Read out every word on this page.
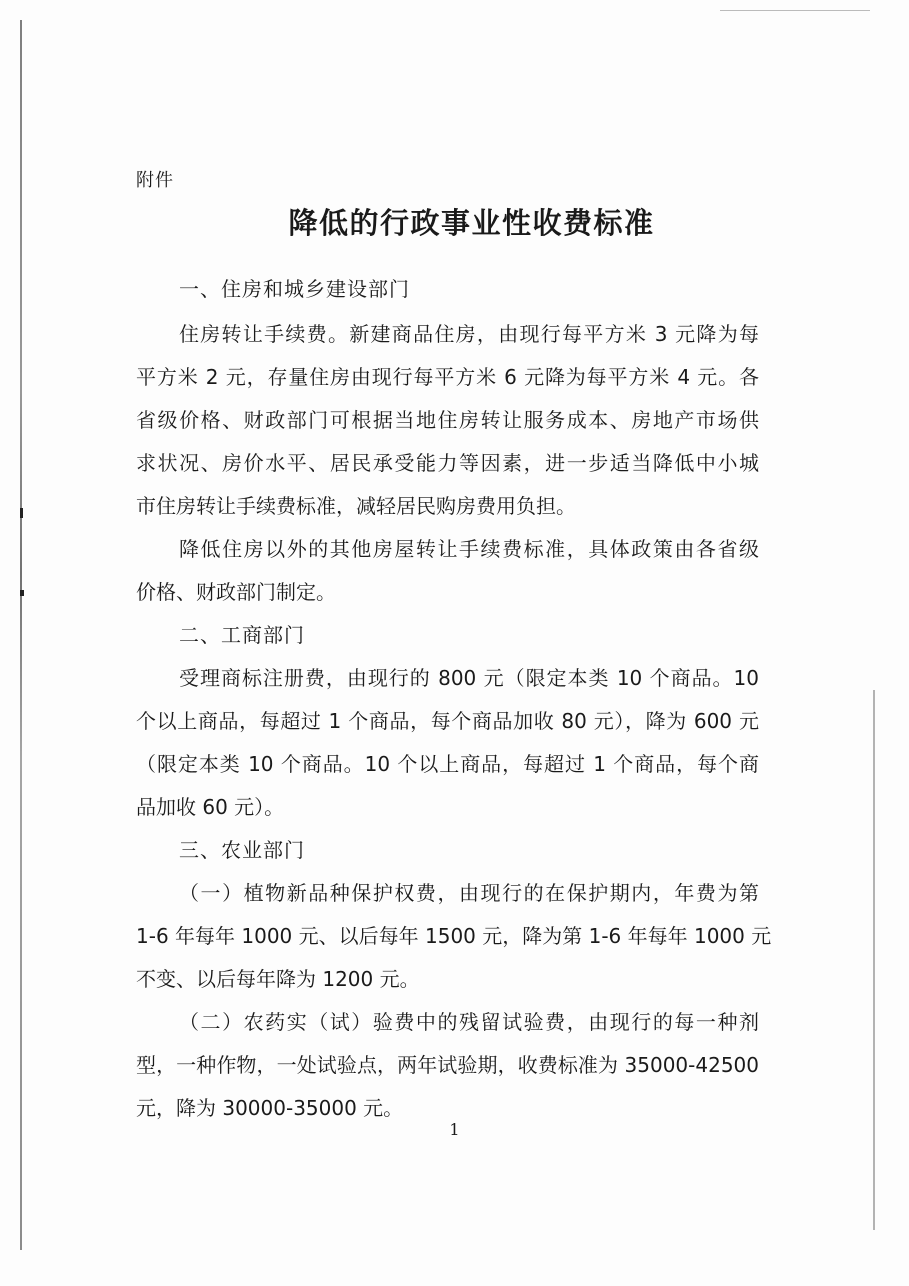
附件
降低的行政事业性收费标准
一、住房和城乡建设部门
住房转让手续费。新建商品住房，由现行每平方米 3 元降为每
平方米 2 元，存量住房由现行每平方米 6 元降为每平方米 4 元。各
省级价格、财政部门可根据当地住房转让服务成本、房地产市场供
求状况、房价水平、居民承受能力等因素，进一步适当降低中小城
市住房转让手续费标准，减轻居民购房费用负担。
降低住房以外的其他房屋转让手续费标准，具体政策由各省级
价格、财政部门制定。
二、工商部门
受理商标注册费，由现行的 800 元（限定本类 10 个商品。10
个以上商品，每超过 1 个商品，每个商品加收 80 元），降为 600 元
（限定本类 10 个商品。10 个以上商品，每超过 1 个商品，每个商
品加收 60 元）。
三、农业部门
（一）植物新品种保护权费，由现行的在保护期内，年费为第
1-6 年每年 1000 元、以后每年 1500 元，降为第 1-6 年每年 1000 元
不变、以后每年降为 1200 元。
（二）农药实（试）验费中的残留试验费，由现行的每一种剂
型，一种作物，一处试验点，两年试验期，收费标准为 35000-42500
元，降为 30000-35000 元。
1
